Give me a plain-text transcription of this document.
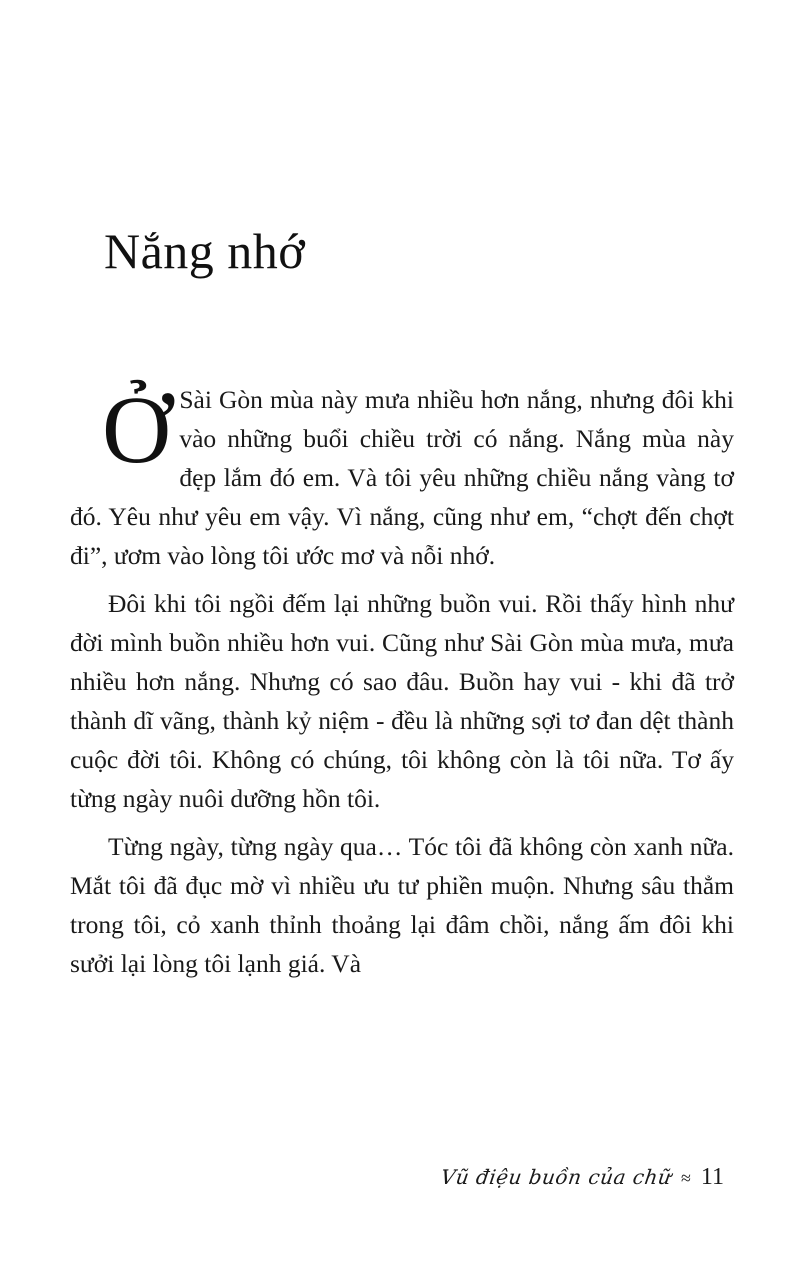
Nắng nhớ

Ở Sài Gòn mùa này mưa nhiều hơn nắng, nhưng đôi khi vào những buổi chiều trời có nắng. Nắng mùa này đẹp lắm đó em. Và tôi yêu những chiều nắng vàng tơ đó. Yêu như yêu em vậy. Vì nắng, cũng như em, “chợt đến chợt đi”, ươm vào lòng tôi ước mơ và nỗi nhớ.

Đôi khi tôi ngồi đếm lại những buồn vui. Rồi thấy hình như đời mình buồn nhiều hơn vui. Cũng như Sài Gòn mùa mưa, mưa nhiều hơn nắng. Nhưng có sao đâu. Buồn hay vui - khi đã trở thành dĩ vãng, thành kỷ niệm - đều là những sợi tơ đan dệt thành cuộc đời tôi. Không có chúng, tôi không còn là tôi nữa. Tơ ấy từng ngày nuôi dưỡng hồn tôi.

Từng ngày, từng ngày qua… Tóc tôi đã không còn xanh nữa. Mắt tôi đã đục mờ vì nhiều ưu tư phiền muộn. Nhưng sâu thẳm trong tôi, cỏ xanh thỉnh thoảng lại đâm chồi, nắng ấm đôi khi sưởi lại lòng tôi lạnh giá. Và

Vũ điệu buồn của chữ ≈ 11
